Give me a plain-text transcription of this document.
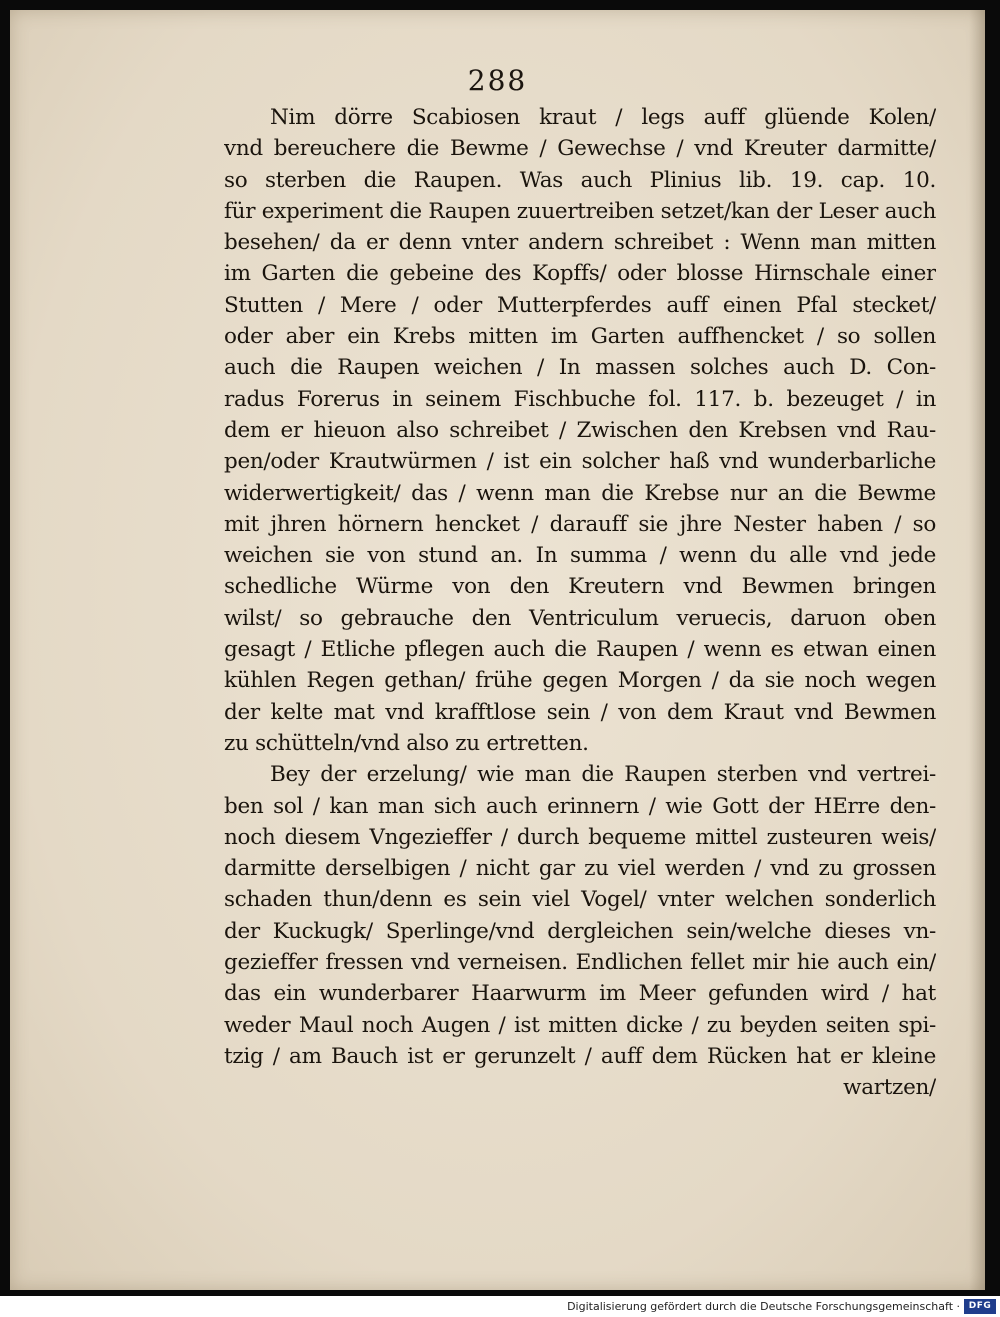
288
Nim dörre Scabiosen kraut / legs auff glüende Kolen/
vnd bereuchere die Bewme / Gewechse / vnd Kreuter darmitte/
so sterben die Raupen. Was auch Plinius lib. 19. cap. 10.
für experiment die Raupen zuuertreiben setzet/kan der Leser auch
besehen/ da er denn vnter andern schreibet : Wenn man mitten
im Garten die gebeine des Kopffs/ oder blosse Hirnschale einer
Stutten / Mere / oder Mutterpferdes auff einen Pfal stecket/
oder aber ein Krebs mitten im Garten auffhencket / so sollen
auch die Raupen weichen / In massen solches auch D. Con-
radus Forerus in seinem Fischbuche fol. 117. b. bezeuget / in
dem er hieuon also schreibet / Zwischen den Krebsen vnd Rau-
pen/oder Krautwürmen / ist ein solcher haß vnd wunderbarliche
widerwertigkeit/ das / wenn man die Krebse nur an die Bewme
mit jhren hörnern hencket / darauff sie jhre Nester haben / so
weichen sie von stund an. In summa / wenn du alle vnd jede
schedliche Würme von den Kreutern vnd Bewmen bringen
wilst/ so gebrauche den Ventriculum veruecis, daruon oben
gesagt / Etliche pflegen auch die Raupen / wenn es etwan einen
kühlen Regen gethan/ frühe gegen Morgen / da sie noch wegen
der kelte mat vnd krafftlose sein / von dem Kraut vnd Bewmen
zu schütteln/vnd also zu ertretten.
Bey der erzelung/ wie man die Raupen sterben vnd vertrei-
ben sol / kan man sich auch erinnern / wie Gott der HErre den-
noch diesem Vngezieffer / durch bequeme mittel zusteuren weis/
darmitte derselbigen / nicht gar zu viel werden / vnd zu grossen
schaden thun/denn es sein viel Vogel/ vnter welchen sonderlich
der Kuckugk/ Sperlinge/vnd dergleichen sein/welche dieses vn-
gezieffer fressen vnd verneisen. Endlichen fellet mir hie auch ein/
das ein wunderbarer Haarwurm im Meer gefunden wird / hat
weder Maul noch Augen / ist mitten dicke / zu beyden seiten spi-
tzig / am Bauch ist er gerunzelt / auff dem Rücken hat er kleine
wartzen/
Digitalisierung gefördert durch die Deutsche Forschungsgemeinschaft · DFG
